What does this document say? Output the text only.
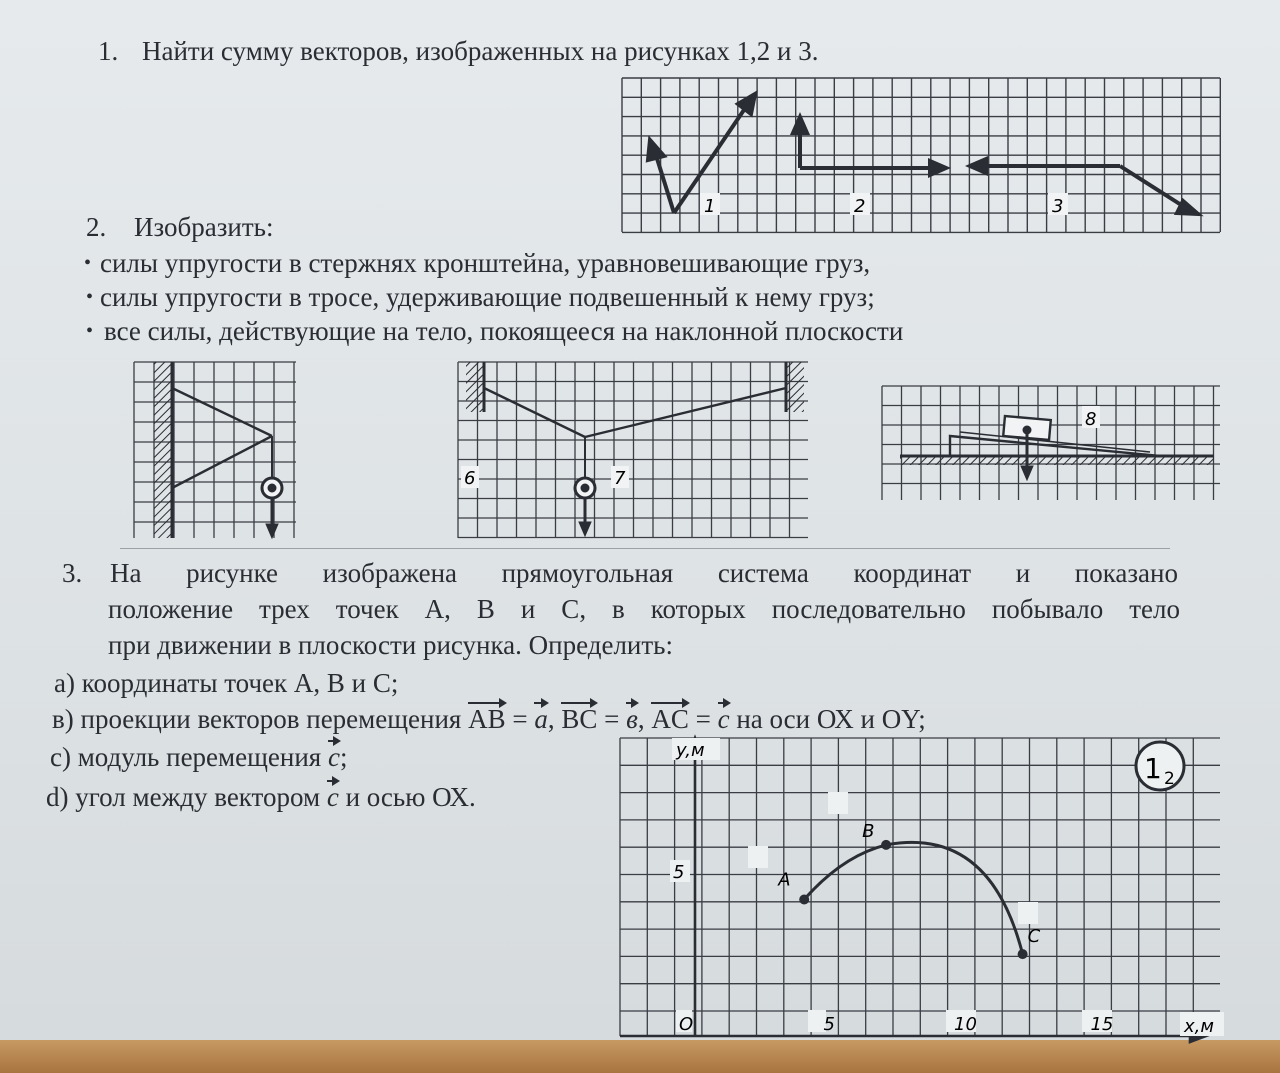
1. Найти сумму векторов, изображенных на рисунках 1,2 и 3.
1	2	3
2. Изобразить:
• силы упругости в стержнях кронштейна, уравновешивающие груз,
• силы упругости в тросе, удерживающие подвешенный к нему груз;
• все силы, действующие на тело, покоящееся на наклонной плоскости
6	7
8
3. На рисунке изображена прямоугольная система координат и показано
положение трех точек А, В и С, в которых последовательно побывало тело
при движении в плоскости рисунка. Определить:
а) координаты точек А, В и С;
в) проекции векторов перемещения AB = a, BC = в, AC = c на оси ОХ и OY;
с) модуль перемещения c;
d) угол между вектором c и осью ОХ.
y,м
x,м
O	5	10	15
5	A
B
C
1 2
